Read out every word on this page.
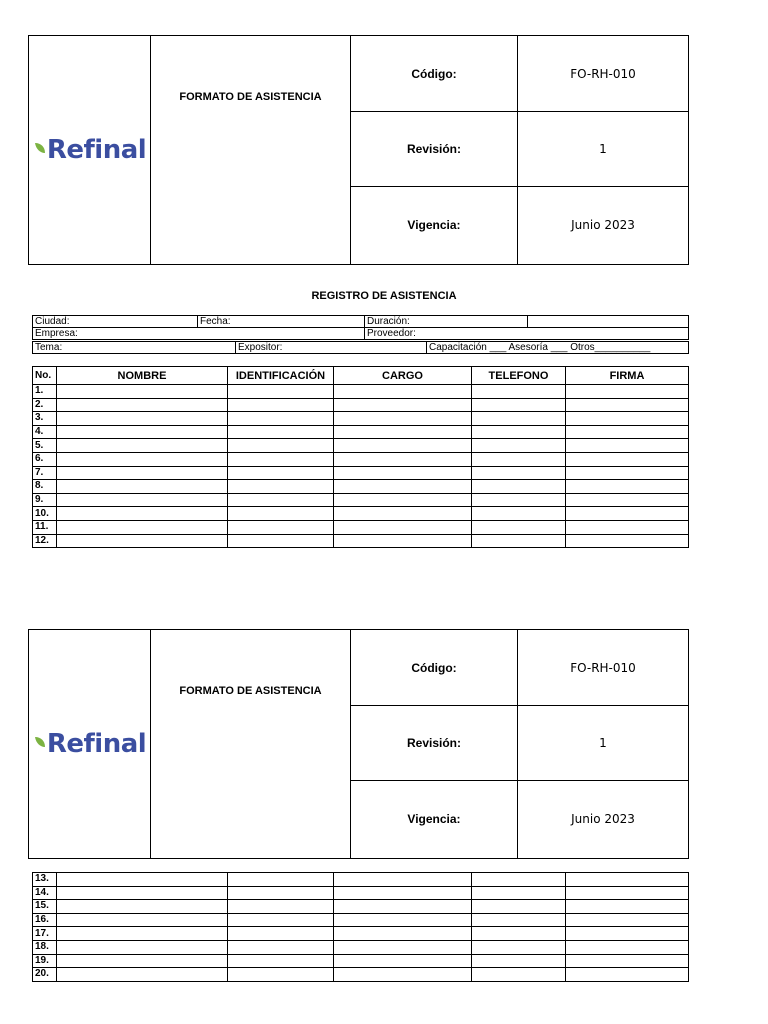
Refinal
FORMATO DE ASISTENCIA
Código:	FO-RH-010
Revisión:	1
Vigencia:	Junio 2023
REGISTRO DE ASISTENCIA
Ciudad:	Fecha:	Duración:	
Empresa:		Proveedor:	
Tema:	Expositor:	Capacitación ___ Asesoría ___ Otros__________
No.	NOMBRE	IDENTIFICACIÓN	CARGO	TELEFONO	FIRMA
1.					
2.					
3.					
4.					
5.					
6.					
7.					
8.					
9.					
10.					
11.					
12.					
Refinal
FORMATO DE ASISTENCIA
Código:	FO-RH-010
Revisión:	1
Vigencia:	Junio 2023
13.					
14.					
15.					
16.					
17.					
18.					
19.					
20.					
